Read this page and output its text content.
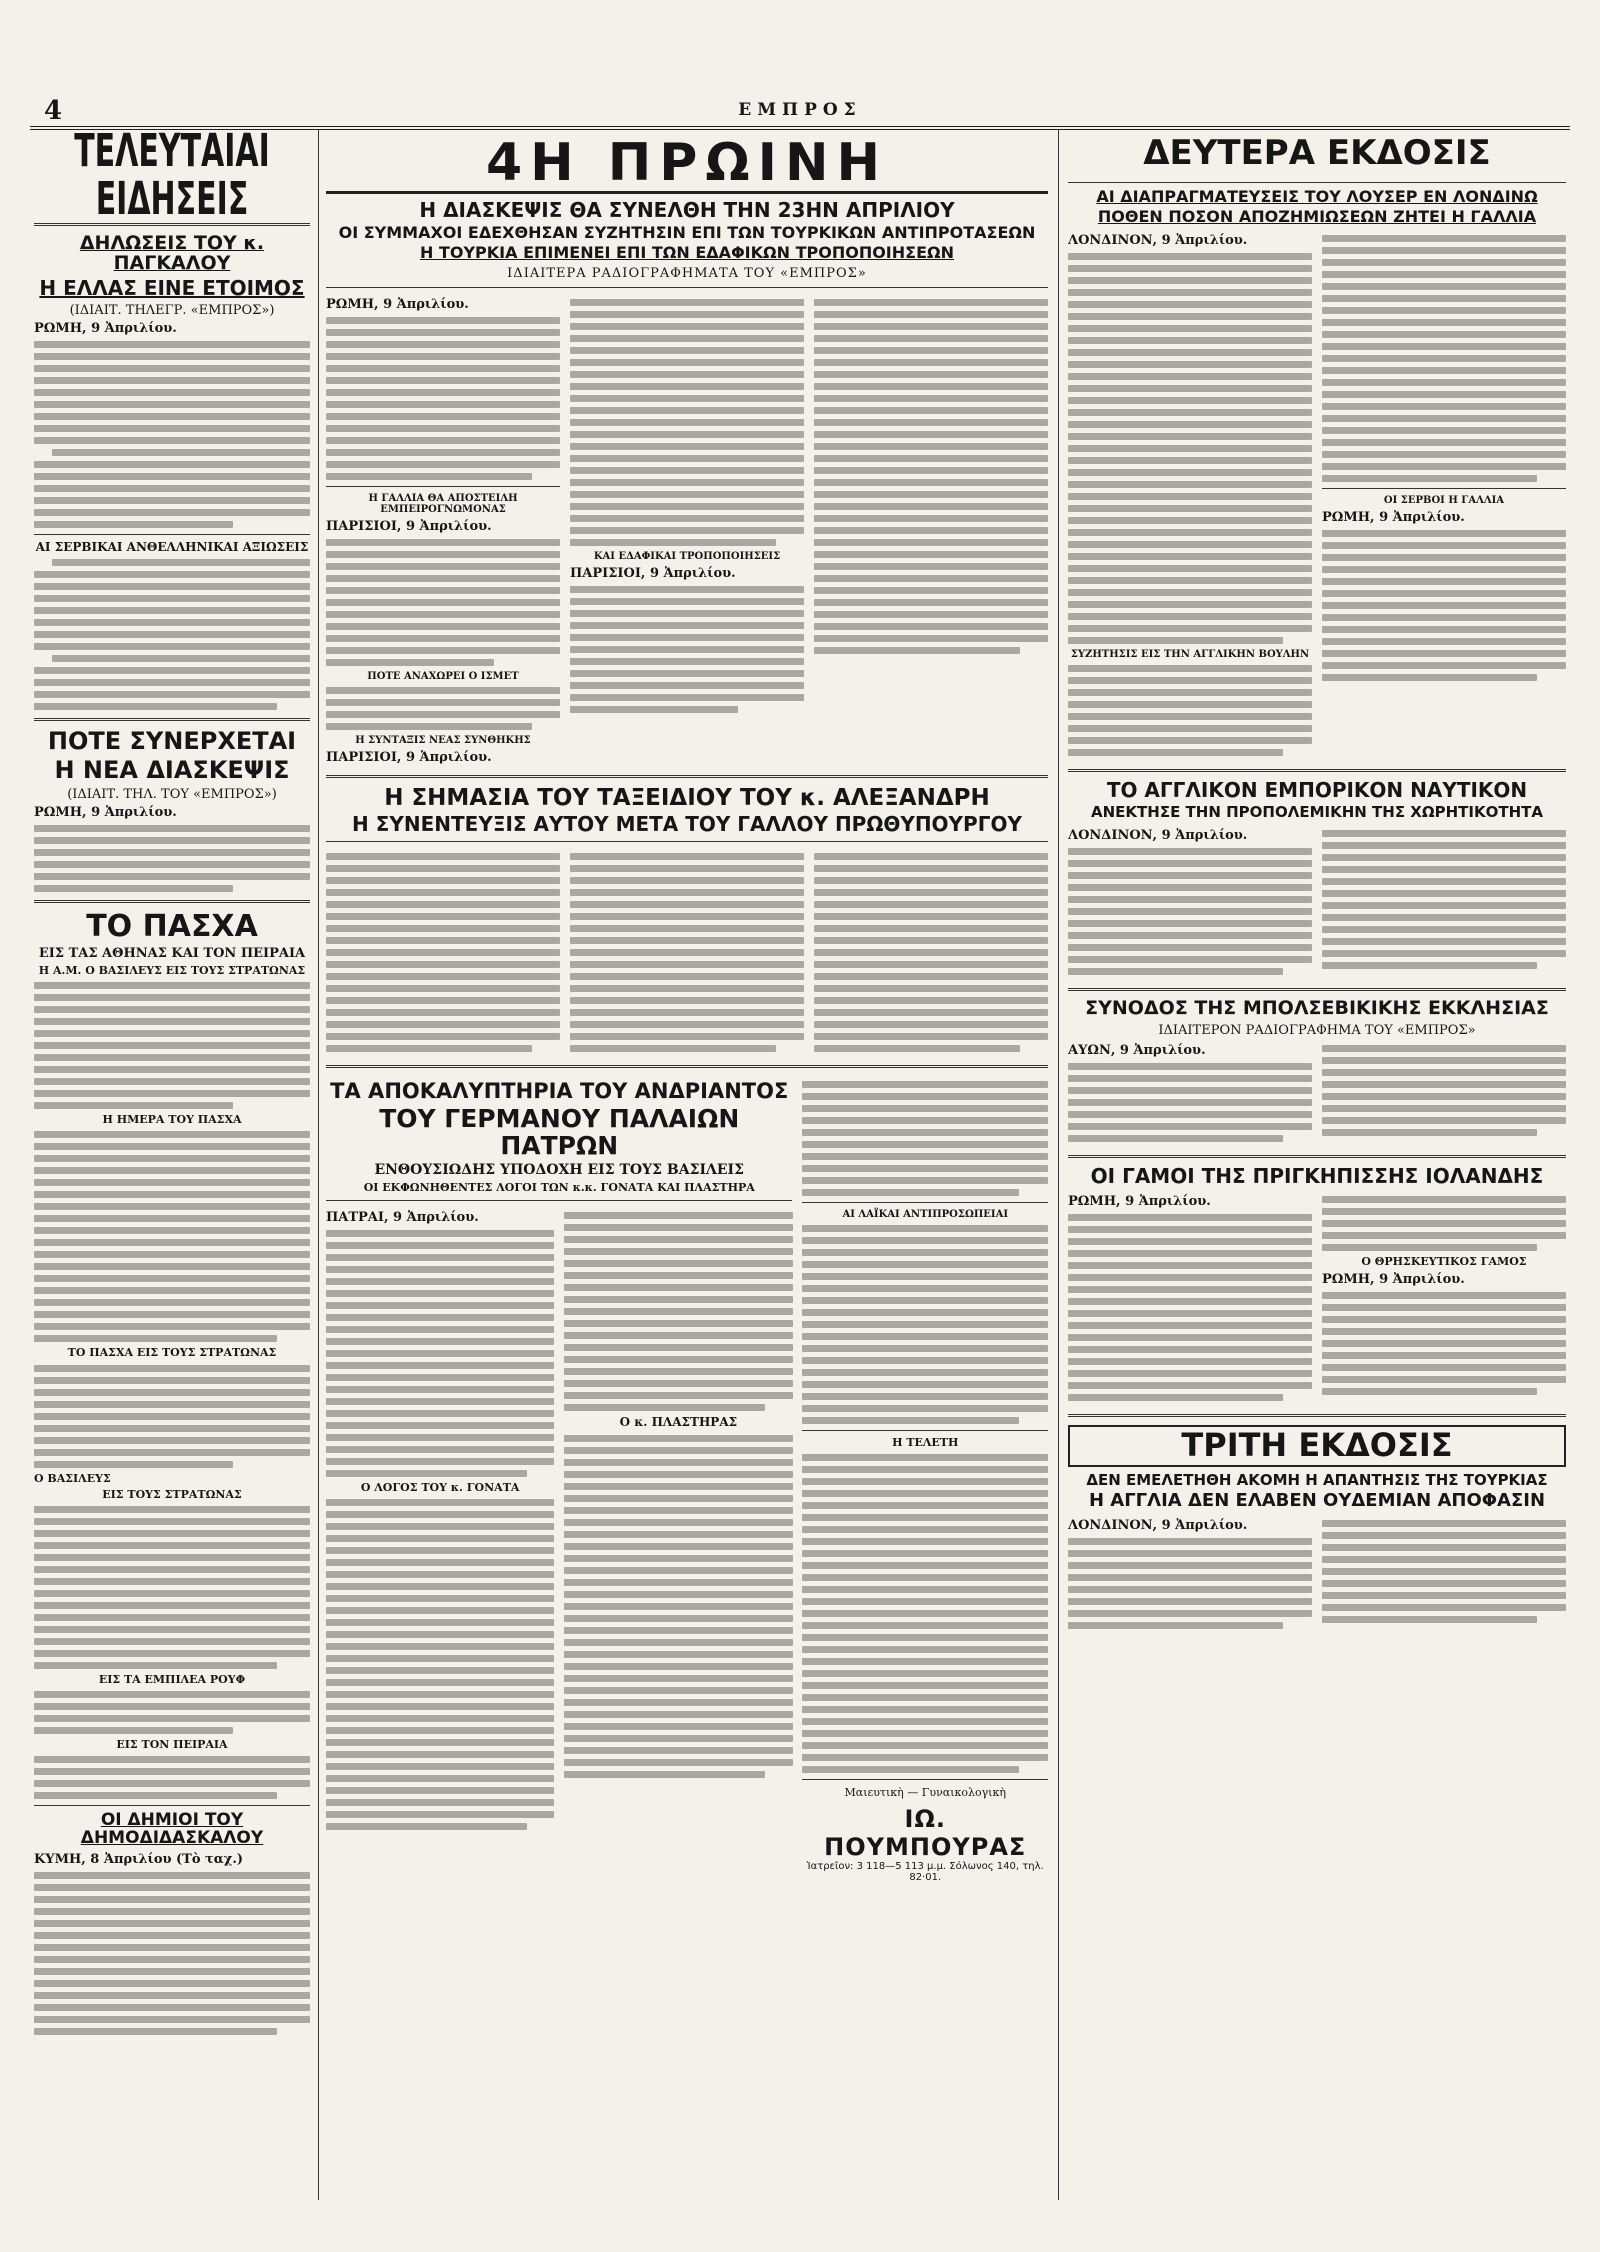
4	ΕΜΠΡΟΣ
ΤΕΛΕΥΤΑΙΑΙ ΕΙΔΗΣΕΙΣ
ΔΗΛΩΣΕΙΣ ΤΟΥ κ. ΠΑΓΚΑΛΟΥ
Η ΕΛΛΑΣ ΕΙΝΕ ΕΤΟΙΜΟΣ
(ΙΔΙΑΙΤ. ΤΗΛΕΓΡ. «ΕΜΠΡΟΣ»)
ΡΩΜΗ, 9 Ἀπριλίου.
ΑΙ ΣΕΡΒΙΚΑΙ ΑΝΘΕΛΛΗΝΙΚΑΙ ΑΞΙΩΣΕΙΣ
ΠΟΤΕ ΣΥΝΕΡΧΕΤΑΙ
Η ΝΕΑ ΔΙΑΣΚΕΨΙΣ
(ΙΔΙΑΙΤ. ΤΗΛ. ΤΟΥ «ΕΜΠΡΟΣ»)
ΡΩΜΗ, 9 Ἀπριλίου.
ΤΟ ΠΑΣΧΑ
ΕΙΣ ΤΑΣ ΑΘΗΝΑΣ ΚΑΙ ΤΟΝ ΠΕΙΡΑΙΑ
Η Α.Μ. Ο ΒΑΣΙΛΕΥΣ ΕΙΣ ΤΟΥΣ ΣΤΡΑΤΩΝΑΣ
Η ΗΜΕΡΑ ΤΟΥ ΠΑΣΧΑ
ΤΟ ΠΑΣΧΑ ΕΙΣ ΤΟΥΣ ΣΤΡΑΤΩΝΑΣ
Ο ΒΑΣΙΛΕΥΣ
ΕΙΣ ΤΟΥΣ ΣΤΡΑΤΩΝΑΣ
ΕΙΣ ΤΑ ΕΜΠΙΛΕΑ ΡΟΥΦ
ΕΙΣ ΤΟΝ ΠΕΙΡΑΙΑ
ΟΙ ΔΗΜΙΟΙ ΤΟΥ ΔΗΜΟΔΙΔΑΣΚΑΛΟΥ
ΚΥΜΗ, 8 Ἀπριλίου (Τὸ ταχ.)
4Η ΠΡΩΙΝΗ
Η ΔΙΑΣΚΕΨΙΣ ΘΑ ΣΥΝΕΛΘΗ ΤΗΝ 23ΗΝ ΑΠΡΙΛΙΟΥ
ΟΙ ΣΥΜΜΑΧΟΙ ΕΔΕΧΘΗΣΑΝ ΣΥΖΗΤΗΣΙΝ ΕΠΙ ΤΩΝ ΤΟΥΡΚΙΚΩΝ ΑΝΤΙΠΡΟΤΑΣΕΩΝ
Η ΤΟΥΡΚΙΑ ΕΠΙΜΕΝΕΙ ΕΠΙ ΤΩΝ ΕΔΑΦΙΚΩΝ ΤΡΟΠΟΠΟΙΗΣΕΩΝ
ΙΔΙΑΙΤΕΡΑ ΡΑΔΙΟΓΡΑΦΗΜΑΤΑ ΤΟΥ «ΕΜΠΡΟΣ»
ΡΩΜΗ, 9 Ἀπριλίου.
Η ΓΑΛΛΙΑ ΘΑ ΑΠΟΣΤΕΙΛΗ ΕΜΠΕΙΡΟΓΝΩΜΟΝΑΣ
ΠΑΡΙΣΙΟΙ, 9 Ἀπριλίου.
ΠΟΤΕ ΑΝΑΧΩΡΕΙ Ο ΙΣΜΕΤ
Η ΣΥΝΤΑΞΙΣ ΝΕΑΣ ΣΥΝΘΗΚΗΣ
ΠΑΡΙΣΙΟΙ, 9 Ἀπριλίου.
ΚΑΙ ΕΔΑΦΙΚΑΙ ΤΡΟΠΟΠΟΙΗΣΕΙΣ
ΠΑΡΙΣΙΟΙ, 9 Ἀπριλίου.
Η ΣΗΜΑΣΙΑ ΤΟΥ ΤΑΞΕΙΔΙΟΥ ΤΟΥ κ. ΑΛΕΞΑΝΔΡΗ
Η ΣΥΝΕΝΤΕΥΞΙΣ ΑΥΤΟΥ ΜΕΤΑ ΤΟΥ ΓΑΛΛΟΥ ΠΡΩΘΥΠΟΥΡΓΟΥ
ΤΑ ΑΠΟΚΑΛΥΠΤΗΡΙΑ ΤΟΥ ΑΝΔΡΙΑΝΤΟΣ
ΤΟΥ ΓΕΡΜΑΝΟΥ ΠΑΛΑΙΩΝ ΠΑΤΡΩΝ
ΕΝΘΟΥΣΙΩΔΗΣ ΥΠΟΔΟΧΗ ΕΙΣ ΤΟΥΣ ΒΑΣΙΛΕΙΣ
ΟΙ ΕΚΦΩΝΗΘΕΝΤΕΣ ΛΟΓΟΙ ΤΩΝ κ.κ. ΓΟΝΑΤΑ ΚΑΙ ΠΛΑΣΤΗΡΑ
ΠΑΤΡΑΙ, 9 Ἀπριλίου.
Ο ΛΟΓΟΣ ΤΟΥ κ. ΓΟΝΑΤΑ
Ο κ. ΠΛΑΣΤΗΡΑΣ
ΑΙ ΛΑΪΚΑΙ ΑΝΤΙΠΡΟΣΩΠΕΙΑΙ
Η ΤΕΛΕΤΗ
Μαιευτικὴ — Γυναικολογικὴ
ΙΩ. ΠΟΥΜΠΟΥΡΑΣ
Ἰατρεῖον: 3 118—5 113 μ.μ. Σόλωνος 140, τηλ. 82·01.
ΔΕΥΤΕΡΑ ΕΚΔΟΣΙΣ
ΑΙ ΔΙΑΠΡΑΓΜΑΤΕΥΣΕΙΣ ΤΟΥ ΛΟΥΣΕΡ ΕΝ ΛΟΝΔΙΝΩ
ΠΟΘΕΝ ΠΟΣΟΝ ΑΠΟΖΗΜΙΩΣΕΩΝ ΖΗΤΕΙ Η ΓΑΛΛΙΑ
ΛΟΝΔΙΝΟΝ, 9 Ἀπριλίου.
ΣΥΖΗΤΗΣΙΣ ΕΙΣ ΤΗΝ ΑΓΓΛΙΚΗΝ ΒΟΥΛΗΝ
ΟΙ ΣΕΡΒΟΙ Η ΓΑΛΛΙΑ
ΡΩΜΗ, 9 Ἀπριλίου.
ΤΟ ΑΓΓΛΙΚΟΝ ΕΜΠΟΡΙΚΟΝ ΝΑΥΤΙΚΟΝ
ΑΝΕΚΤΗΣΕ ΤΗΝ ΠΡΟΠΟΛΕΜΙΚΗΝ ΤΗΣ ΧΩΡΗΤΙΚΟΤΗΤΑ
ΛΟΝΔΙΝΟΝ, 9 Ἀπριλίου.
ΣΥΝΟΔΟΣ ΤΗΣ ΜΠΟΛΣΕΒΙΚΙΚΗΣ ΕΚΚΛΗΣΙΑΣ
ΙΔΙΑΙΤΕΡΟΝ ΡΑΔΙΟΓΡΑΦΗΜΑ ΤΟΥ «ΕΜΠΡΟΣ»
ΑΥΩΝ, 9 Ἀπριλίου.
ΟΙ ΓΑΜΟΙ ΤΗΣ ΠΡΙΓΚΗΠΙΣΣΗΣ ΙΟΛΑΝΔΗΣ
ΡΩΜΗ, 9 Ἀπριλίου.
Ο ΘΡΗΣΚΕΥΤΙΚΟΣ ΓΑΜΟΣ
ΡΩΜΗ, 9 Ἀπριλίου.
ΤΡΙΤΗ ΕΚΔΟΣΙΣ
ΔΕΝ ΕΜΕΛΕΤΗΘΗ ΑΚΟΜΗ Η ΑΠΑΝΤΗΣΙΣ ΤΗΣ ΤΟΥΡΚΙΑΣ
Η ΑΓΓΛΙΑ ΔΕΝ ΕΛΑΒΕΝ ΟΥΔΕΜΙΑΝ ΑΠΟΦΑΣΙΝ
ΛΟΝΔΙΝΟΝ, 9 Ἀπριλίου.
